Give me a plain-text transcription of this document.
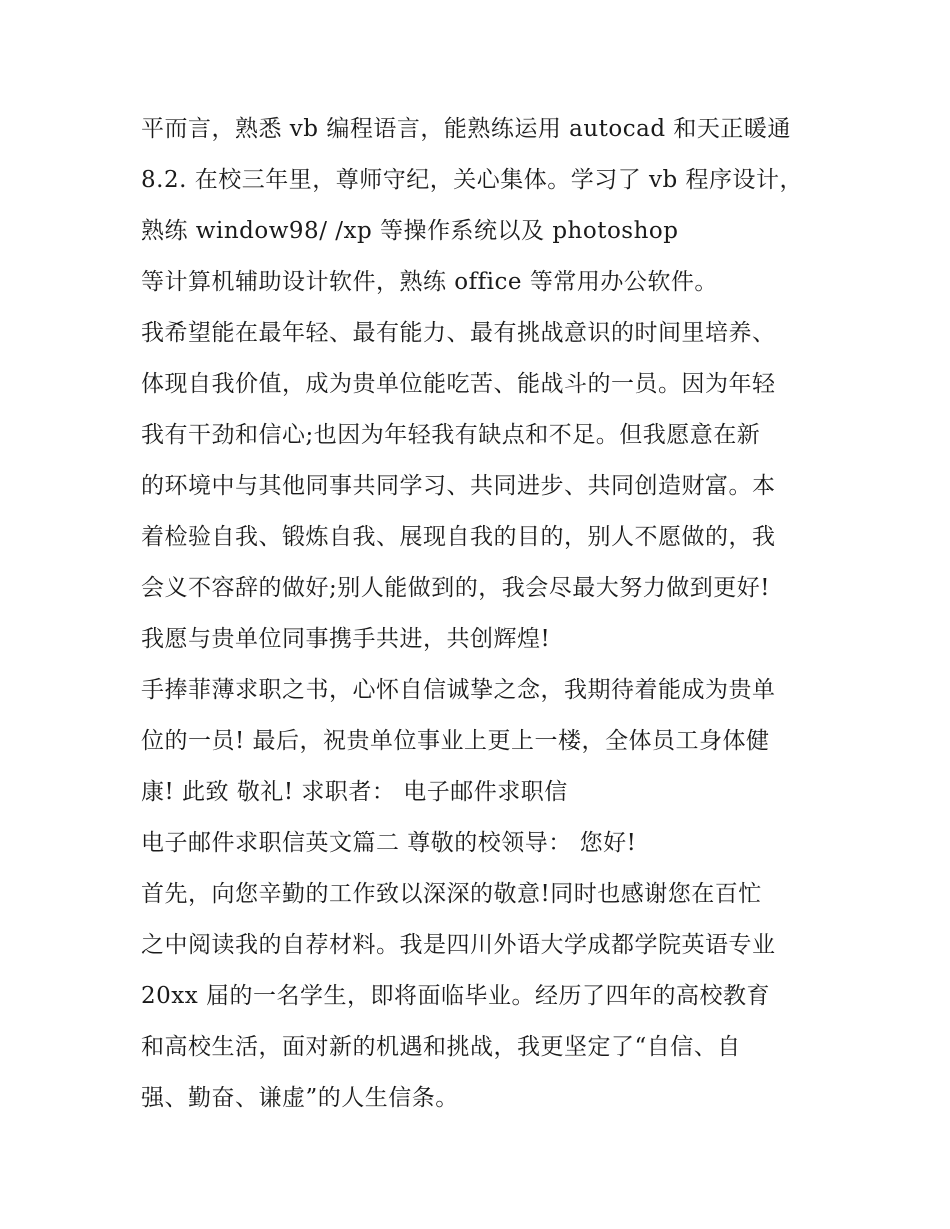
平而言，熟悉 vb 编程语言，能熟练运用 autocad 和天正暖通
8.2. 在校三年里，尊师守纪，关心集体。学习了 vb 程序设计，
熟练 window98/ /xp 等操作系统以及 photoshop
等计算机辅助设计软件，熟练 office 等常用办公软件。
我希望能在最年轻、最有能力、最有挑战意识的时间里培养、
体现自我价值，成为贵单位能吃苦、能战斗的一员。因为年轻
我有干劲和信心;也因为年轻我有缺点和不足。但我愿意在新
的环境中与其他同事共同学习、共同进步、共同创造财富。本
着检验自我、锻炼自我、展现自我的目的，别人不愿做的，我
会义不容辞的做好;别人能做到的，我会尽最大努力做到更好!
我愿与贵单位同事携手共进，共创辉煌!
手捧菲薄求职之书，心怀自信诚挚之念，我期待着能成为贵单
位的一员! 最后，祝贵单位事业上更上一楼，全体员工身体健
康! 此致 敬礼! 求职者： 电子邮件求职信
电子邮件求职信英文篇二 尊敬的校领导： 您好!
首先，向您辛勤的工作致以深深的敬意!同时也感谢您在百忙
之中阅读我的自荐材料。我是四川外语大学成都学院英语专业
20xx 届的一名学生，即将面临毕业。经历了四年的高校教育
和高校生活，面对新的机遇和挑战，我更坚定了“自信、自
强、勤奋、谦虚”的人生信条。
